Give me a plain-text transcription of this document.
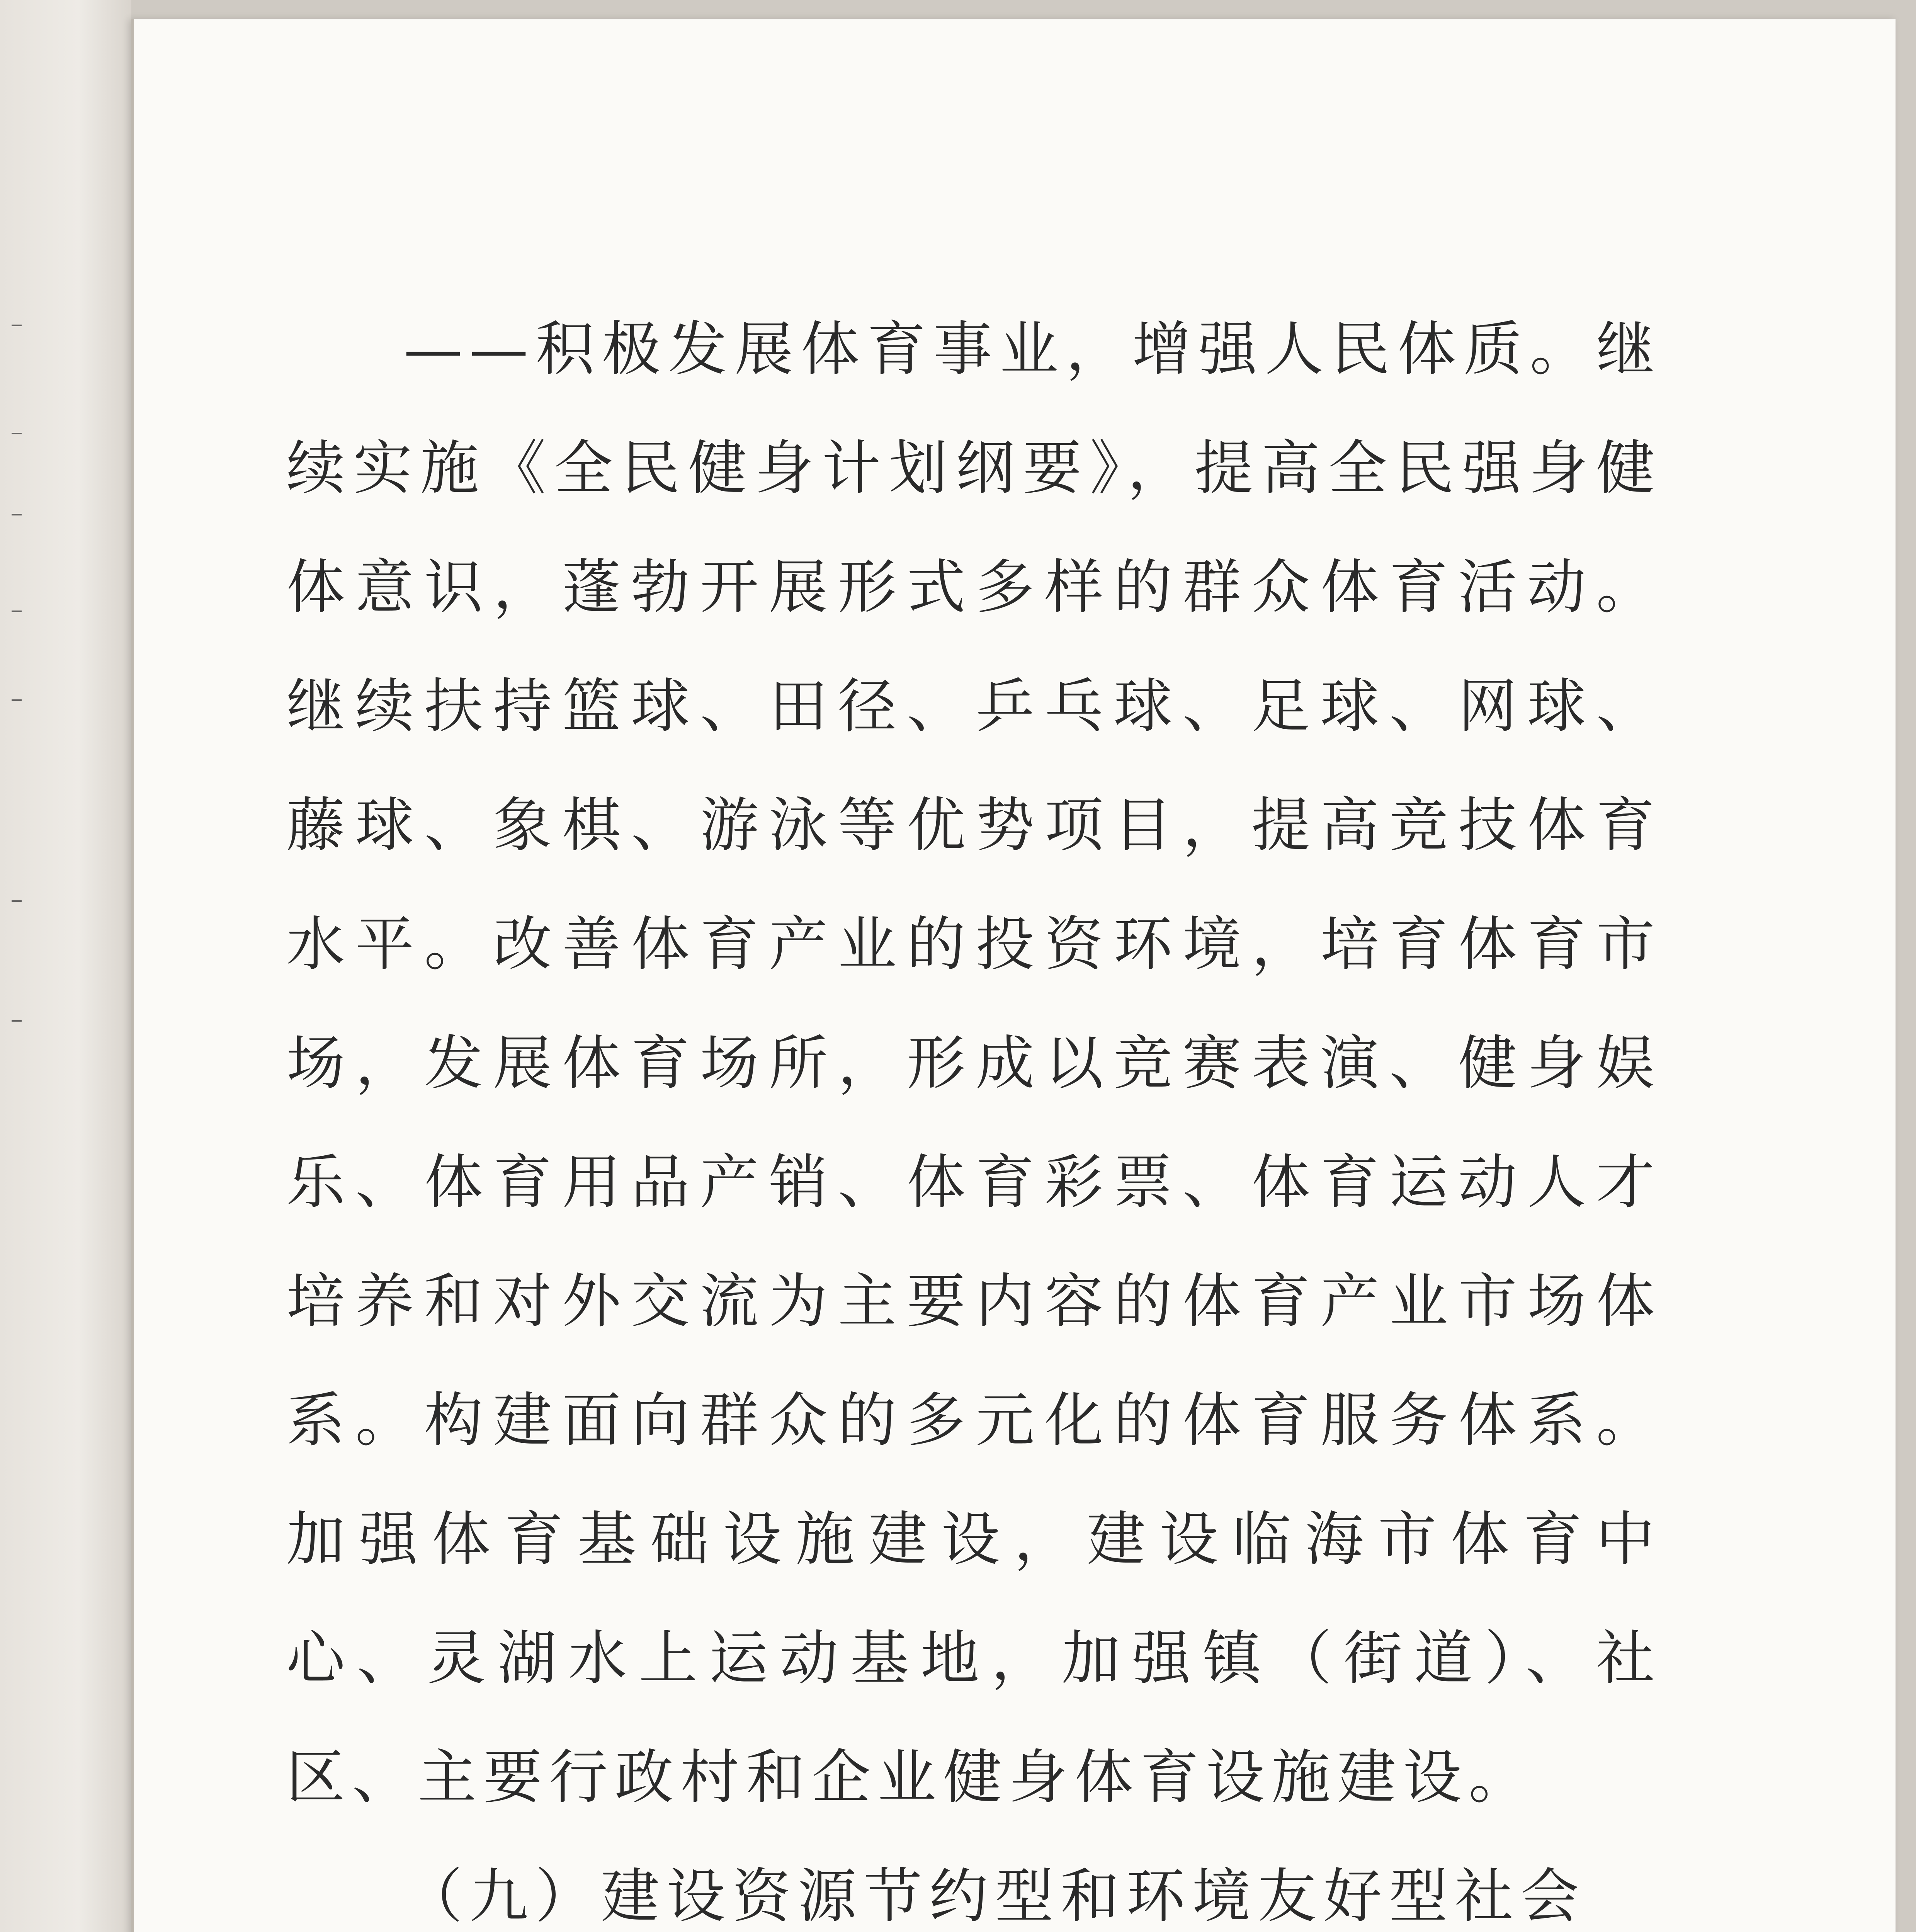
——积极发展体育事业，增强人民体质。继续实施《全民健身计划纲要》，提高全民强身健体意识，蓬勃开展形式多样的群众体育活动。继续扶持篮球、田径、乒乓球、足球、网球、藤球、象棋、游泳等优势项目，提高竞技体育水平。改善体育产业的投资环境，培育体育市场，发展体育场所，形成以竞赛表演、健身娱乐、体育用品产销、体育彩票、体育运动人才培养和对外交流为主要内容的体育产业市场体系。构建面向群众的多元化的体育服务体系。加强体育基础设施建设，建设临海市体育中心、灵湖水上运动基地，加强镇（街道）、社区、主要行政村和企业健身体育设施建设。

（九）建设资源节约型和环境友好型社会
